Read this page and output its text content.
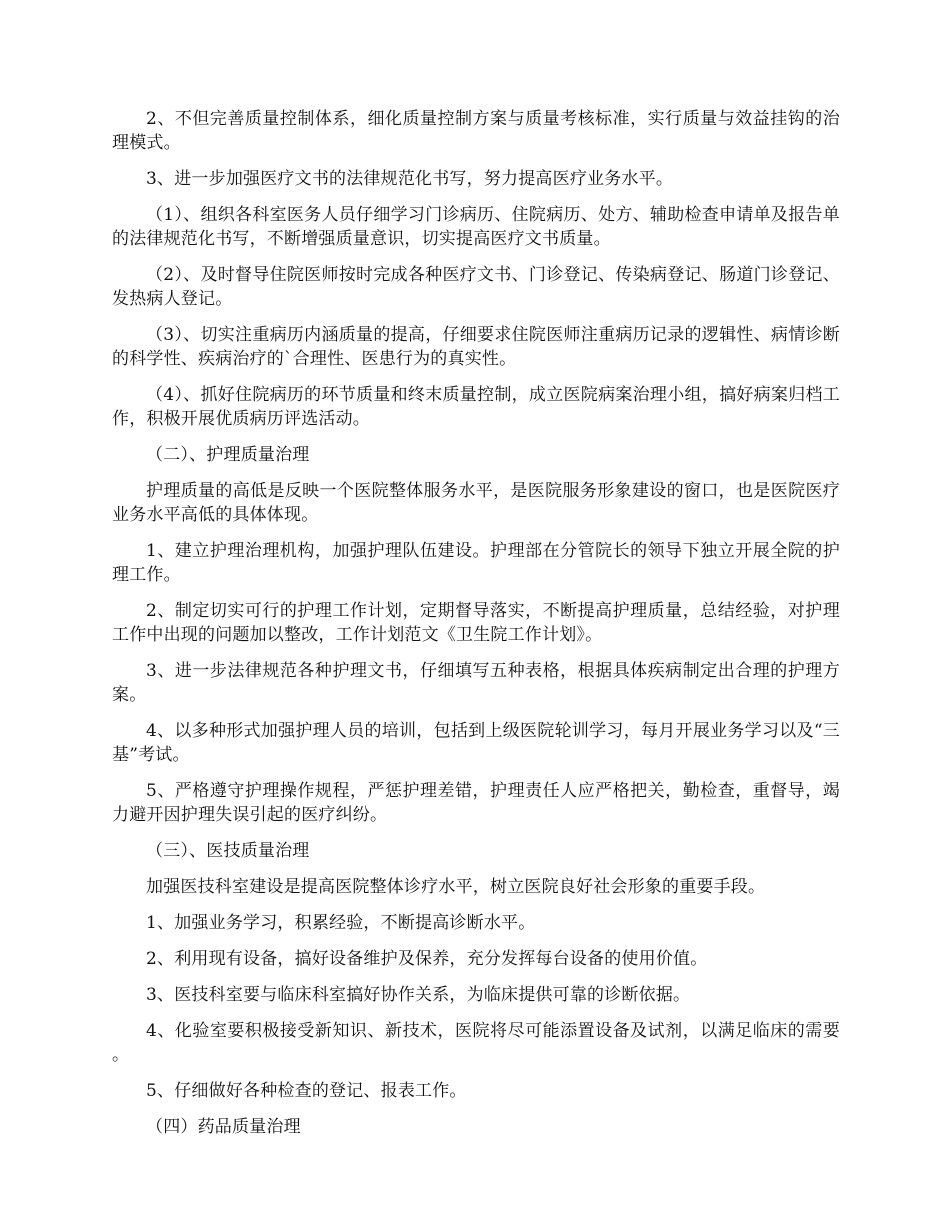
2、不但完善质量控制体系，细化质量控制方案与质量考核标准，实行质量与效益挂钩的治理模式。

3、进一步加强医疗文书的法律规范化书写，努力提高医疗业务水平。

（1）、组织各科室医务人员仔细学习门诊病历、住院病历、处方、辅助检查申请单及报告单的法律规范化书写，不断增强质量意识，切实提高医疗文书质量。

（2）、及时督导住院医师按时完成各种医疗文书、门诊登记、传染病登记、肠道门诊登记、发热病人登记。

（3）、切实注重病历内涵质量的提高，仔细要求住院医师注重病历记录的逻辑性、病情诊断的科学性、疾病治疗的`合理性、医患行为的真实性。

（4）、抓好住院病历的环节质量和终末质量控制，成立医院病案治理小组，搞好病案归档工作，积极开展优质病历评选活动。

（二）、护理质量治理

护理质量的高低是反映一个医院整体服务水平，是医院服务形象建设的窗口，也是医院医疗业务水平高低的具体体现。

1、建立护理治理机构，加强护理队伍建设。护理部在分管院长的领导下独立开展全院的护理工作。

2、制定切实可行的护理工作计划，定期督导落实，不断提高护理质量，总结经验，对护理工作中出现的问题加以整改，工作计划范文《卫生院工作计划》。

3、进一步法律规范各种护理文书，仔细填写五种表格，根据具体疾病制定出合理的护理方案。

4、以多种形式加强护理人员的培训，包括到上级医院轮训学习，每月开展业务学习以及“三基”考试。

5、严格遵守护理操作规程，严惩护理差错，护理责任人应严格把关，勤检查，重督导，竭力避开因护理失误引起的医疗纠纷。

（三）、医技质量治理

加强医技科室建设是提高医院整体诊疗水平，树立医院良好社会形象的重要手段。

1、加强业务学习，积累经验，不断提高诊断水平。

2、利用现有设备，搞好设备维护及保养，充分发挥每台设备的使用价值。

3、医技科室要与临床科室搞好协作关系，为临床提供可靠的诊断依据。

4、化验室要积极接受新知识、新技术，医院将尽可能添置设备及试剂，以满足临床的需要。

5、仔细做好各种检查的登记、报表工作。

（四）药品质量治理
